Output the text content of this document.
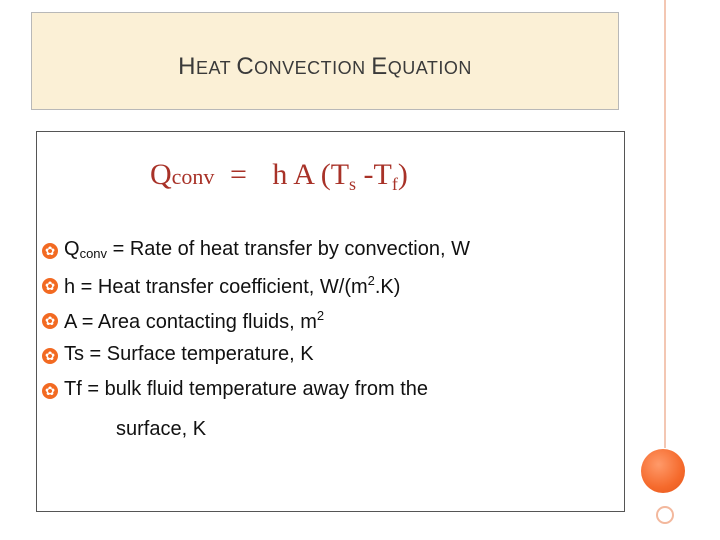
HEAT CONVECTION EQUATION
Qconv = h A ($T_s$ $-T_f$)
✿ $Q_{conv}$ = Rate of heat transfer by convection, W
✿ h = Heat transfer coefficient, $W/(m^2.K)$
✿ A = Area contacting fluids, $m^2$
✿ Ts = Surface temperature, K
✿ Tf = bulk fluid temperature away from the
surface, K
